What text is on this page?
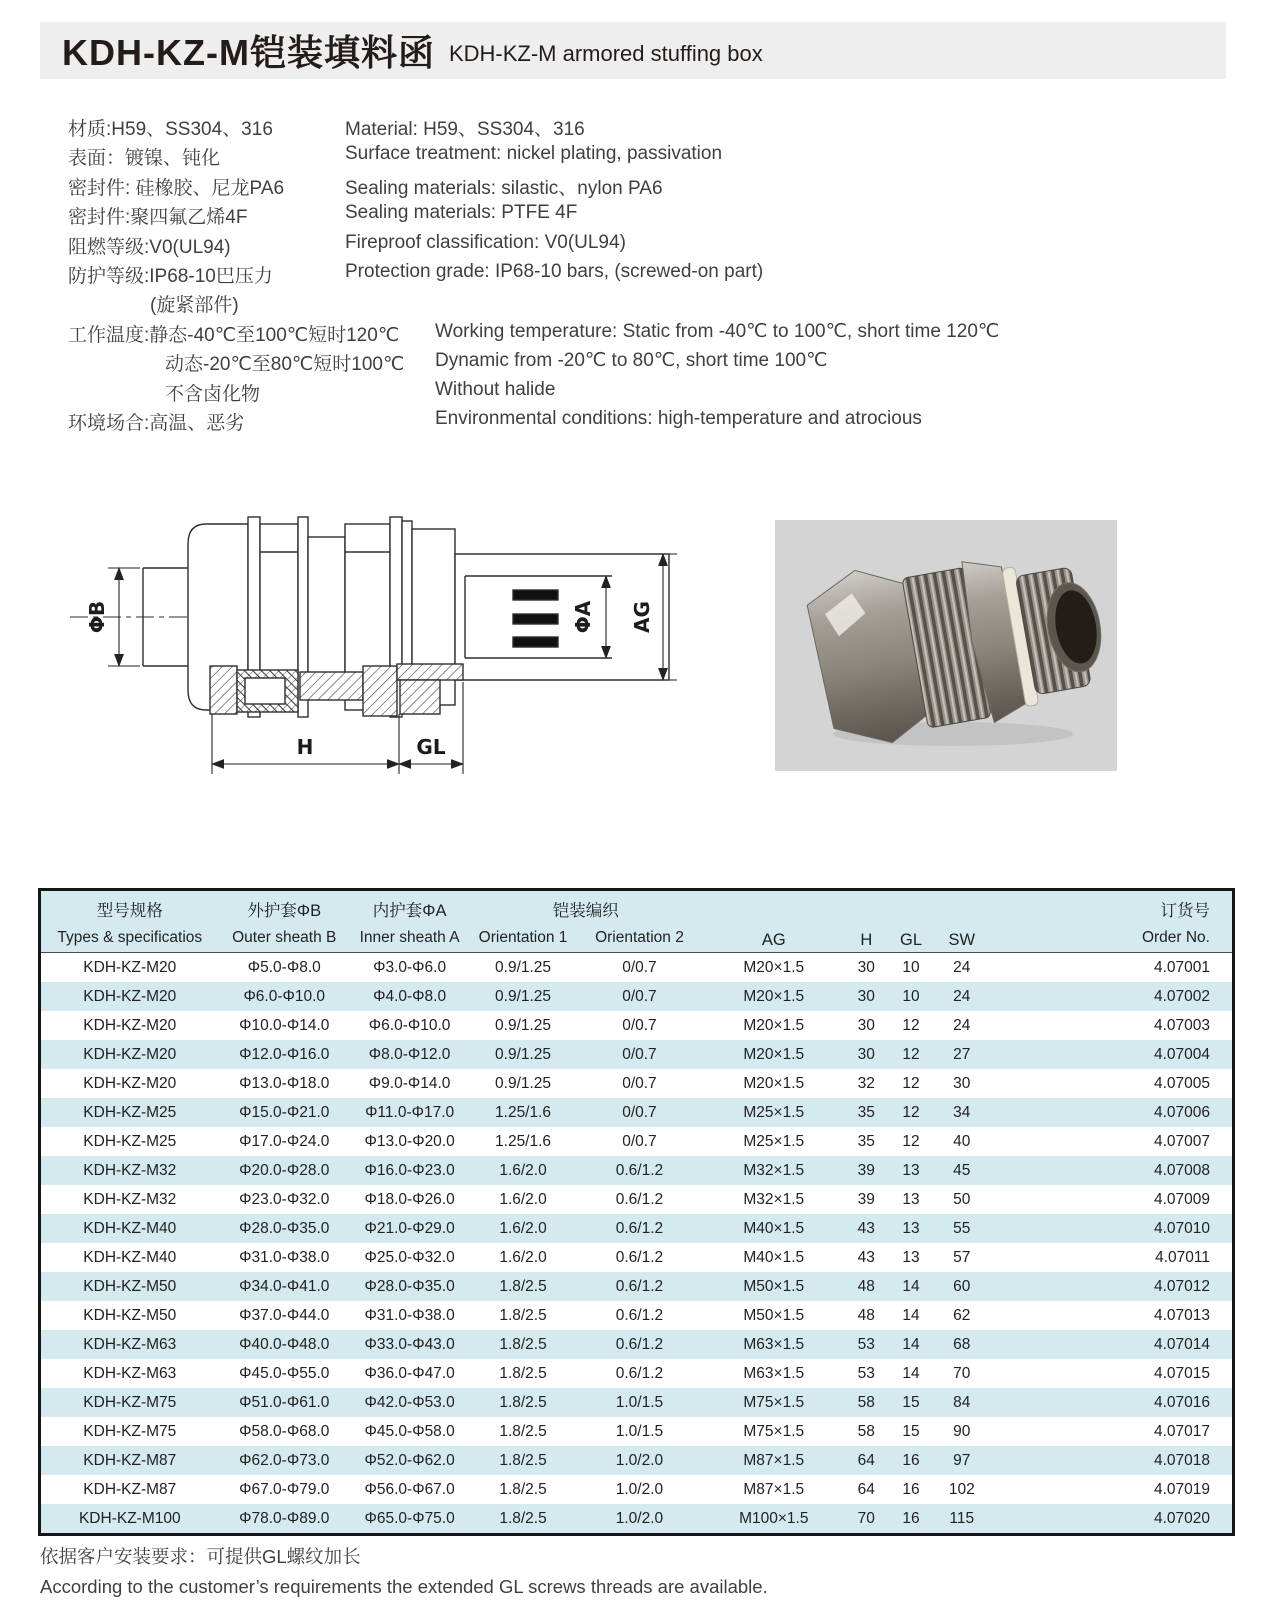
KDH-KZ-M铠装填料函 KDH-KZ-M armored stuffing box
材质:H59、SS304、316	Material: H59、SS304、316
表面：镀镍、钝化	Surface treatment: nickel plating, passivation
密封件: 硅橡胶、尼龙PA6	Sealing materials: silastic、nylon PA6
密封件:聚四氟乙烯4F	Sealing materials: PTFE 4F
阻燃等级:V0(UL94)	Fireproof classification: V0(UL94)
防护等级:IP68-10巴压力	Protection grade: IP68-10 bars, (screwed-on part)
(旋紧部件)
工作温度:静态-40℃至100℃短时120℃ Working temperature: Static from -40℃ to 100℃, short time 120℃
动态-20℃至80℃短时100℃ Dynamic from -20℃ to 80℃, short time 100℃
不含卤化物	Without halide
环境场合:高温、恶劣	Environmental conditions: high-temperature and atrocious
ΦB	ΦA AG
H	GL
型号规格	外护套ΦB	内护套ΦA	铠装编织		AG	H	GL	SW	订货号
Types & specificatios	Outer sheath B	Inner sheath A	Orientation 1	Orientation 2					Order No.
KDH-KZ-M20	Φ5.0-Φ8.0	Φ3.0-Φ6.0	0.9/1.25	0/0.7	M20×1.5	30	10	24	4.07001
KDH-KZ-M20	Φ6.0-Φ10.0	Φ4.0-Φ8.0	0.9/1.25	0/0.7	M20×1.5	30	10	24	4.07002
KDH-KZ-M20	Φ10.0-Φ14.0	Φ6.0-Φ10.0	0.9/1.25	0/0.7	M20×1.5	30	12	24	4.07003
KDH-KZ-M20	Φ12.0-Φ16.0	Φ8.0-Φ12.0	0.9/1.25	0/0.7	M20×1.5	30	12	27	4.07004
KDH-KZ-M20	Φ13.0-Φ18.0	Φ9.0-Φ14.0	0.9/1.25	0/0.7	M20×1.5	32	12	30	4.07005
KDH-KZ-M25	Φ15.0-Φ21.0	Φ11.0-Φ17.0	1.25/1.6	0/0.7	M25×1.5	35	12	34	4.07006
KDH-KZ-M25	Φ17.0-Φ24.0	Φ13.0-Φ20.0	1.25/1.6	0/0.7	M25×1.5	35	12	40	4.07007
KDH-KZ-M32	Φ20.0-Φ28.0	Φ16.0-Φ23.0	1.6/2.0	0.6/1.2	M32×1.5	39	13	45	4.07008
KDH-KZ-M32	Φ23.0-Φ32.0	Φ18.0-Φ26.0	1.6/2.0	0.6/1.2	M32×1.5	39	13	50	4.07009
KDH-KZ-M40	Φ28.0-Φ35.0	Φ21.0-Φ29.0	1.6/2.0	0.6/1.2	M40×1.5	43	13	55	4.07010
KDH-KZ-M40	Φ31.0-Φ38.0	Φ25.0-Φ32.0	1.6/2.0	0.6/1.2	M40×1.5	43	13	57	4.07011
KDH-KZ-M50	Φ34.0-Φ41.0	Φ28.0-Φ35.0	1.8/2.5	0.6/1.2	M50×1.5	48	14	60	4.07012
KDH-KZ-M50	Φ37.0-Φ44.0	Φ31.0-Φ38.0	1.8/2.5	0.6/1.2	M50×1.5	48	14	62	4.07013
KDH-KZ-M63	Φ40.0-Φ48.0	Φ33.0-Φ43.0	1.8/2.5	0.6/1.2	M63×1.5	53	14	68	4.07014
KDH-KZ-M63	Φ45.0-Φ55.0	Φ36.0-Φ47.0	1.8/2.5	0.6/1.2	M63×1.5	53	14	70	4.07015
KDH-KZ-M75	Φ51.0-Φ61.0	Φ42.0-Φ53.0	1.8/2.5	1.0/1.5	M75×1.5	58	15	84	4.07016
KDH-KZ-M75	Φ58.0-Φ68.0	Φ45.0-Φ58.0	1.8/2.5	1.0/1.5	M75×1.5	58	15	90	4.07017
KDH-KZ-M87	Φ62.0-Φ73.0	Φ52.0-Φ62.0	1.8/2.5	1.0/2.0	M87×1.5	64	16	97	4.07018
KDH-KZ-M87	Φ67.0-Φ79.0	Φ56.0-Φ67.0	1.8/2.5	1.0/2.0	M87×1.5	64	16	102	4.07019
KDH-KZ-M100	Φ78.0-Φ89.0	Φ65.0-Φ75.0	1.8/2.5	1.0/2.0	M100×1.5	70	16	115	4.07020
依据客户安装要求：可提供GL螺纹加长
According to the customer’s requirements the extended GL screws threads are available.
